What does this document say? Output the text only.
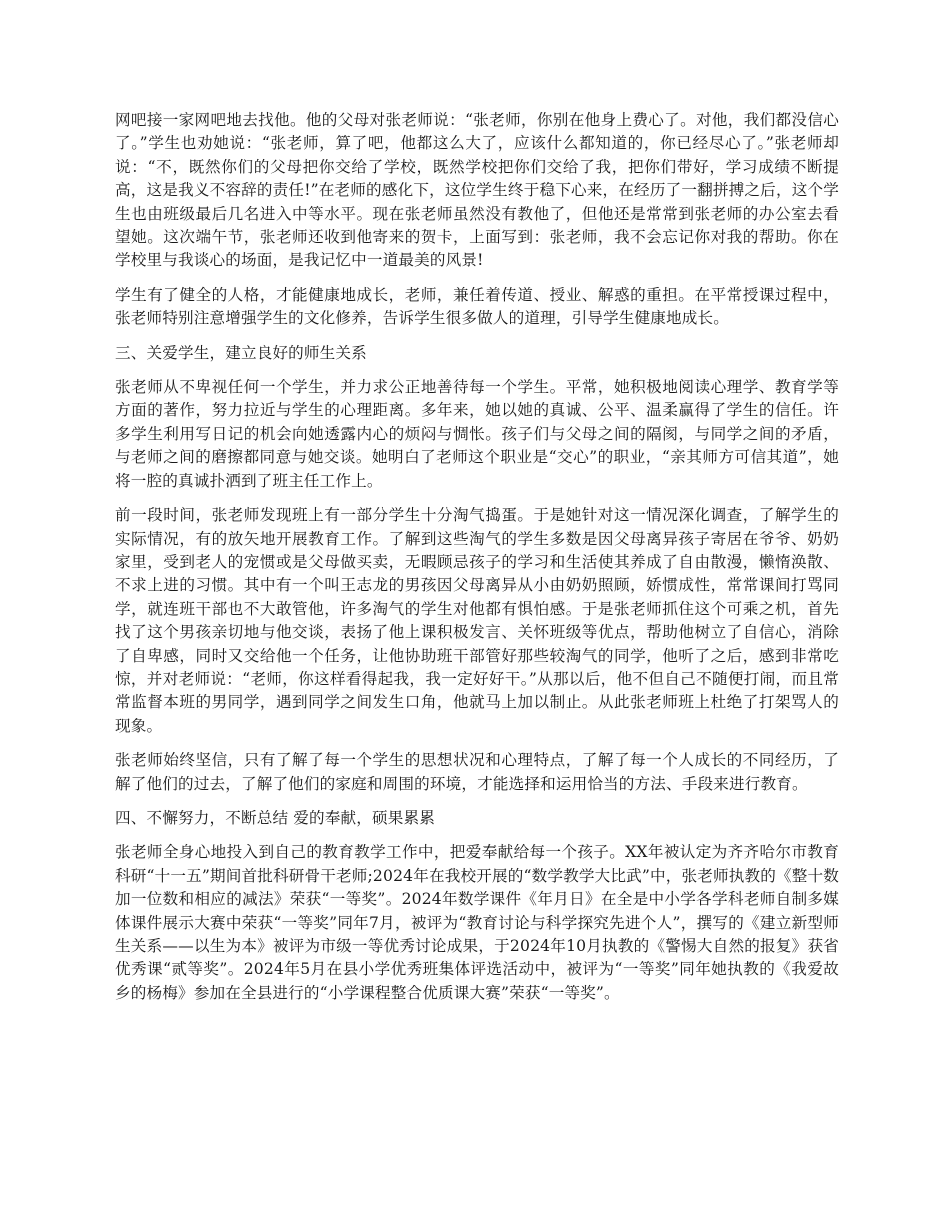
网吧接一家网吧地去找他。他的父母对张老师说：“张老师，你别在他身上费心了。对他，我们都没信心了。”学生也劝她说：“张老师，算了吧，他都这么大了，应该什么都知道的，你已经尽心了。”张老师却说：“不，既然你们的父母把你交给了学校，既然学校把你们交给了我，把你们带好，学习成绩不断提高，这是我义不容辞的责任!”在老师的感化下，这位学生终于稳下心来，在经历了一翻拼搏之后，这个学生也由班级最后几名进入中等水平。现在张老师虽然没有教他了，但他还是常常到张老师的办公室去看望她。这次端午节，张老师还收到他寄来的贺卡，上面写到：张老师，我不会忘记你对我的帮助。你在学校里与我谈心的场面，是我记忆中一道最美的风景!

学生有了健全的人格，才能健康地成长，老师，兼任着传道、授业、解惑的重担。在平常授课过程中，张老师特别注意增强学生的文化修养，告诉学生很多做人的道理，引导学生健康地成长。

三、关爱学生，建立良好的师生关系

张老师从不卑视任何一个学生，并力求公正地善待每一个学生。平常，她积极地阅读心理学、教育学等方面的著作，努力拉近与学生的心理距离。多年来，她以她的真诚、公平、温柔赢得了学生的信任。许多学生利用写日记的机会向她透露内心的烦闷与惆怅。孩子们与父母之间的隔阂，与同学之间的矛盾，与老师之间的磨擦都同意与她交谈。她明白了老师这个职业是“交心”的职业，“亲其师方可信其道”，她将一腔的真诚扑洒到了班主任工作上。

前一段时间，张老师发现班上有一部分学生十分淘气捣蛋。于是她针对这一情况深化调查，了解学生的实际情况，有的放矢地开展教育工作。了解到这些淘气的学生多数是因父母离异孩子寄居在爷爷、奶奶家里，受到老人的宠惯或是父母做买卖，无暇顾忌孩子的学习和生活使其养成了自由散漫，懒惰涣散、不求上进的习惯。其中有一个叫王志龙的男孩因父母离异从小由奶奶照顾，娇惯成性，常常课间打骂同学，就连班干部也不大敢管他，许多淘气的学生对他都有惧怕感。于是张老师抓住这个可乘之机，首先找了这个男孩亲切地与他交谈，表扬了他上课积极发言、关怀班级等优点，帮助他树立了自信心，消除了自卑感，同时又交给他一个任务，让他协助班干部管好那些较淘气的同学，他听了之后，感到非常吃惊，并对老师说：“老师，你这样看得起我，我一定好好干。”从那以后，他不但自己不随便打闹，而且常常监督本班的男同学，遇到同学之间发生口角，他就马上加以制止。从此张老师班上杜绝了打架骂人的现象。

张老师始终坚信，只有了解了每一个学生的思想状况和心理特点，了解了每一个人成长的不同经历，了解了他们的过去，了解了他们的家庭和周围的环境，才能选择和运用恰当的方法、手段来进行教育。

四、不懈努力，不断总结 爱的奉献，硕果累累

张老师全身心地投入到自己的教育教学工作中，把爱奉献给每一个孩子。XX年被认定为齐齐哈尔市教育科研“十一五”期间首批科研骨干老师;2024年在我校开展的“数学教学大比武”中，张老师执教的《整十数加一位数和相应的减法》荣获“一等奖”。2024年数学课件《年月日》在全是中小学各学科老师自制多媒体课件展示大赛中荣获“一等奖”同年7月，被评为“教育讨论与科学探究先进个人”，撰写的《建立新型师生关系——以生为本》被评为市级一等优秀讨论成果，于2024年10月执教的《警惕大自然的报复》获省优秀课“贰等奖”。2024年5月在县小学优秀班集体评选活动中，被评为“一等奖”同年她执教的《我爱故乡的杨梅》参加在全县进行的“小学课程整合优质课大赛”荣获“一等奖”。
